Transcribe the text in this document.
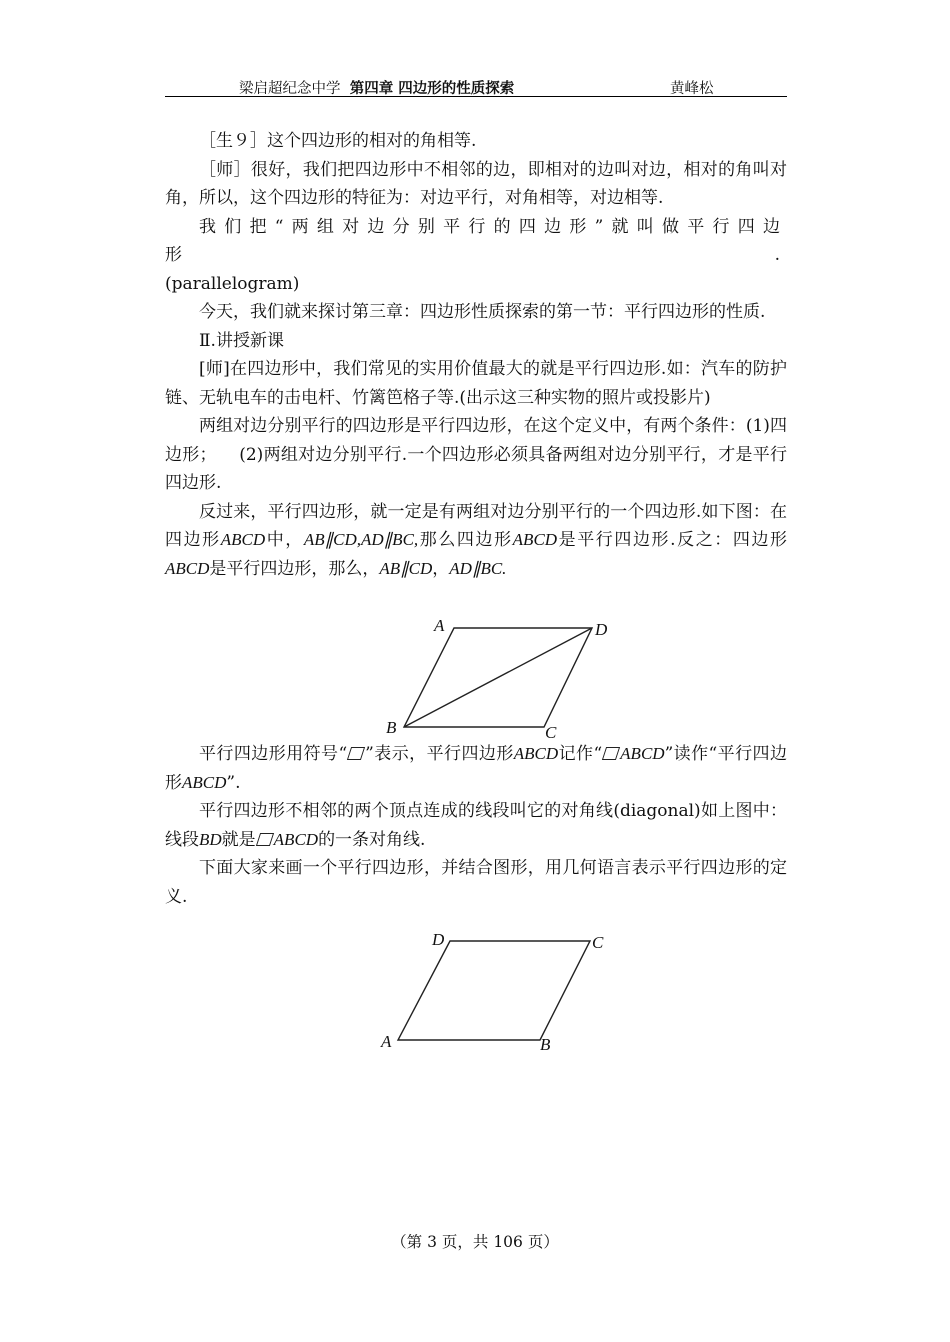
梁启超纪念中学 第四章 四边形的性质探索	黄峰松

［生９］这个四边形的相对的角相等.

［师］很好，我们把四边形中不相邻的边，即相对的边叫对边，相对的角叫对角，所以，这个四边形的特征为：对边平行，对角相等，对边相等.

我们把“两组对边分别平行的四边形”就叫做平行四边形.

(parallelogram)

今天，我们就来探讨第三章：四边形性质探索的第一节：平行四边形的性质.

Ⅱ.讲授新课

[师]在四边形中，我们常见的实用价值最大的就是平行四边形.如：汽车的防护链、无轨电车的击电杆、竹篱笆格子等.(出示这三种实物的照片或投影片)

两组对边分别平行的四边形是平行四边形，在这个定义中，有两个条件：(1)四边形； (2)两组对边分别平行.一个四边形必须具备两组对边分别平行，才是平行四边形.

反过来，平行四边形，就一定是有两组对边分别平行的一个四边形.如下图：在四边形ABCD中，AB∥CD,AD∥BC,那么四边形ABCD是平行四边形.反之：四边形ABCD是平行四边形，那么，AB∥CD，AD∥BC.

平行四边形用符号“ ”表示，平行四边形ABCD记作“ ABCD”读作“平行四边形ABCD”.

平行四边形不相邻的两个顶点连成的线段叫它的对角线(diagonal)如上图中：线段BD就是 ABCD的一条对角线.

下面大家来画一个平行四边形，并结合图形，用几何语言表示平行四边形的定义.

A	D
B	C
D	C
A	B
（第 3 页，共 106 页）
